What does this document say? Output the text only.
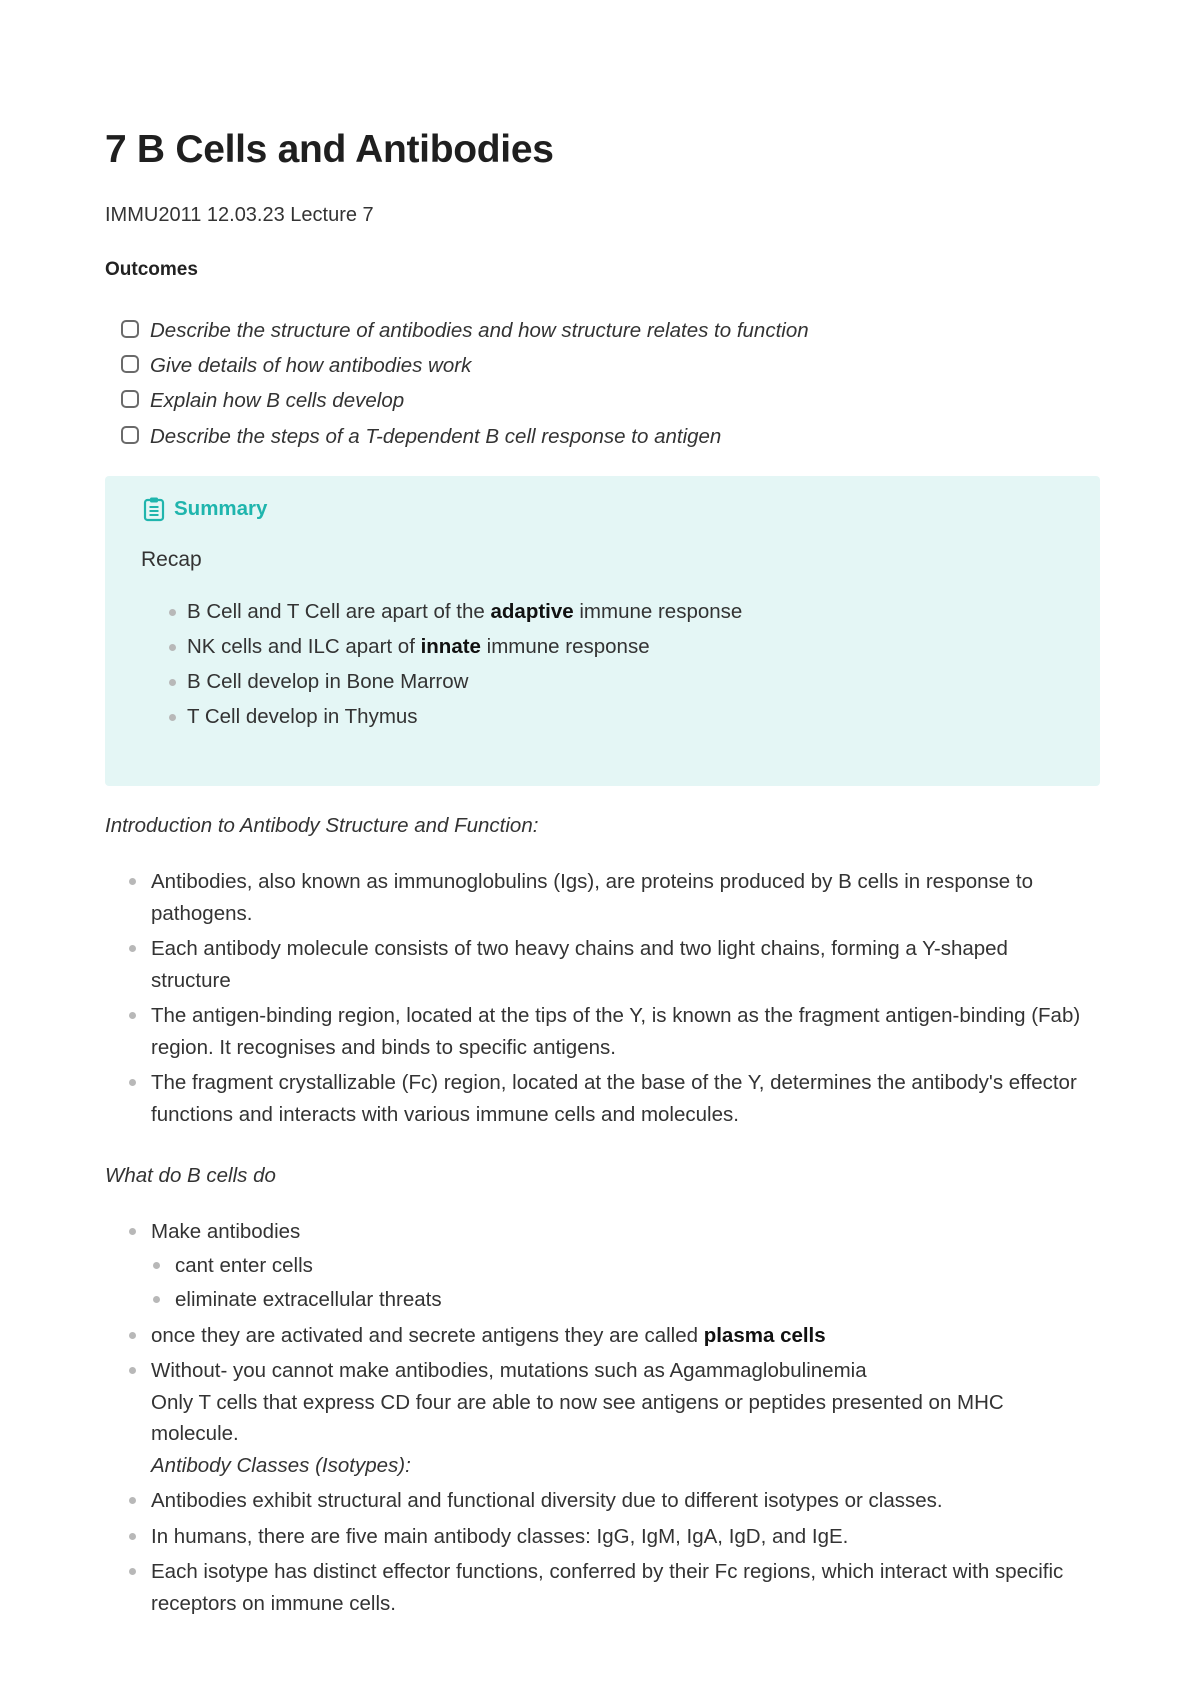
7 B Cells and Antibodies
IMMU2011 12.03.23 Lecture 7
Outcomes
Describe the structure of antibodies and how structure relates to function
Give details of how antibodies work
Explain how B cells develop
Describe the steps of a T-dependent B cell response to antigen
Summary
Recap
B Cell and T Cell are apart of the adaptive immune response
NK cells and ILC apart of innate immune response
B Cell develop in Bone Marrow
T Cell develop in Thymus
Introduction to Antibody Structure and Function:
Antibodies, also known as immunoglobulins (Igs), are proteins produced by B cells in response to pathogens.
Each antibody molecule consists of two heavy chains and two light chains, forming a Y-shaped structure
The antigen-binding region, located at the tips of the Y, is known as the fragment antigen-binding (Fab) region. It recognises and binds to specific antigens.
The fragment crystallizable (Fc) region, located at the base of the Y, determines the antibody's effector functions and interacts with various immune cells and molecules.
What do B cells do
Make antibodies
cant enter cells
eliminate extracellular threats
once they are activated and secrete antigens they are called plasma cells
Without- you cannot make antibodies, mutations such as Agammaglobulinemia
Only T cells that express CD four are able to now see antigens or peptides presented on MHC molecule.
Antibody Classes (Isotypes):
Antibodies exhibit structural and functional diversity due to different isotypes or classes.
In humans, there are five main antibody classes: IgG, IgM, IgA, IgD, and IgE.
Each isotype has distinct effector functions, conferred by their Fc regions, which interact with specific receptors on immune cells.
